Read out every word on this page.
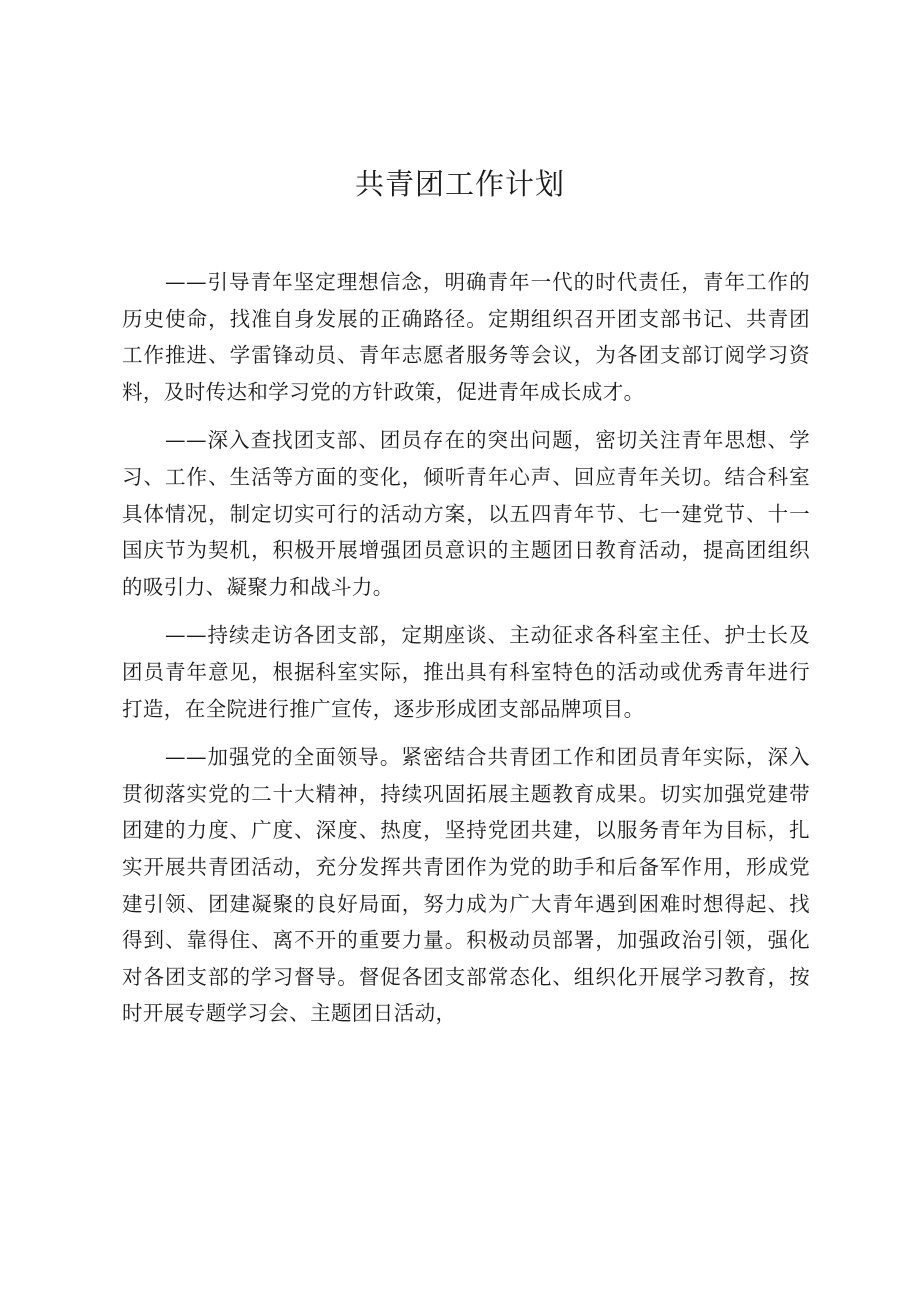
共青团工作计划

——引导青年坚定理想信念，明确青年一代的时代责任，青年工作的历史使命，找准自身发展的正确路径。定期组织召开团支部书记、共青团工作推进、学雷锋动员、青年志愿者服务等会议，为各团支部订阅学习资料，及时传达和学习党的方针政策，促进青年成长成才。

——深入查找团支部、团员存在的突出问题，密切关注青年思想、学习、工作、生活等方面的变化，倾听青年心声、回应青年关切。结合科室具体情况，制定切实可行的活动方案，以五四青年节、七一建党节、十一国庆节为契机，积极开展增强团员意识的主题团日教育活动，提高团组织的吸引力、凝聚力和战斗力。

——持续走访各团支部，定期座谈、主动征求各科室主任、护士长及团员青年意见，根据科室实际，推出具有科室特色的活动或优秀青年进行打造，在全院进行推广宣传，逐步形成团支部品牌项目。

——加强党的全面领导。紧密结合共青团工作和团员青年实际，深入贯彻落实党的二十大精神，持续巩固拓展主题教育成果。切实加强党建带团建的力度、广度、深度、热度，坚持党团共建，以服务青年为目标，扎实开展共青团活动，充分发挥共青团作为党的助手和后备军作用，形成党建引领、团建凝聚的良好局面，努力成为广大青年遇到困难时想得起、找得到、靠得住、离不开的重要力量。积极动员部署，加强政治引领，强化对各团支部的学习督导。督促各团支部常态化、组织化开展学习教育，按时开展专题学习会、主题团日活动，
